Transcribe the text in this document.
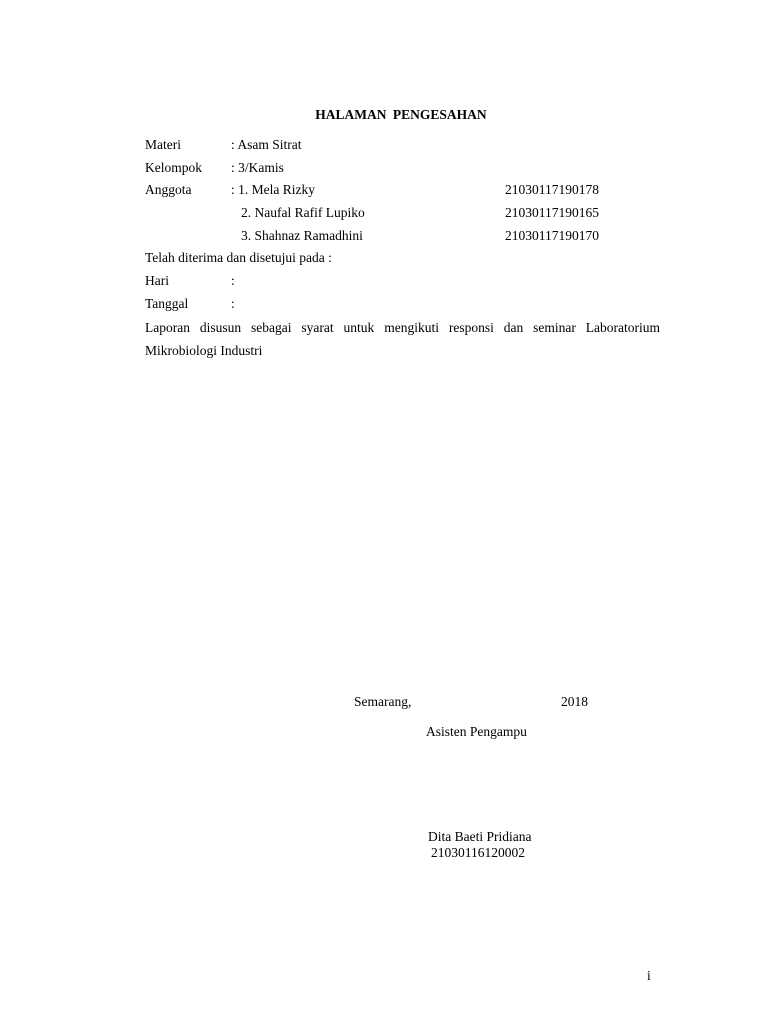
HALAMAN PENGESAHAN
Materi	: Asam Sitrat
Kelompok : 3/Kamis
Anggota	: 1. Mela Rizky	21030117190178
2. Naufal Rafif Lupiko	21030117190165
3. Shahnaz Ramadhini	21030117190170
Telah diterima dan disetujui pada :
Hari	:
Tanggal	:
Laporan disusun sebagai syarat untuk mengikuti responsi dan seminar Laboratorium
Mikrobiologi Industri
Semarang,	2018
Asisten Pengampu
Dita Baeti Pridiana
21030116120002
i
